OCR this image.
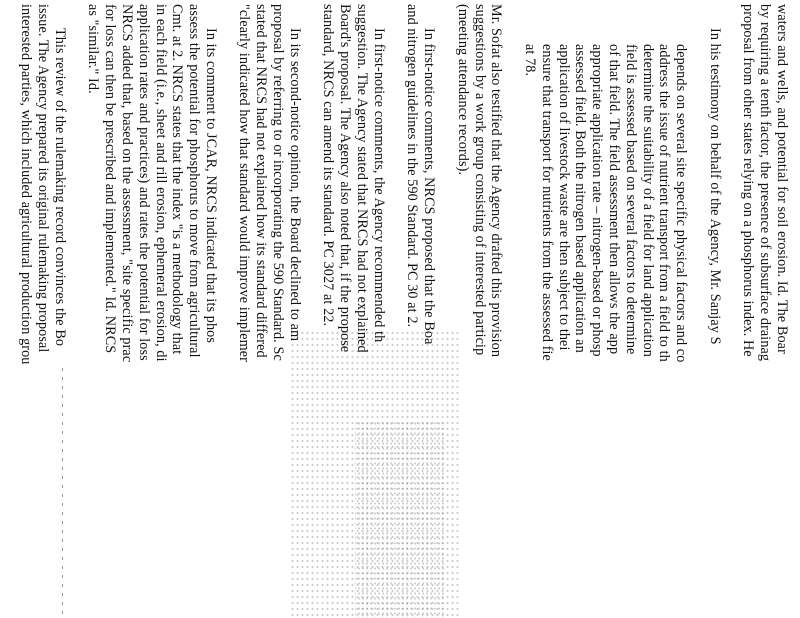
waters and wells, and potential for soil erosion. Id. The Boar
by requiring a tenth factor, the presence of subsurface drainag
proposal from other states relying on a phosphorus index. He
In his testimony on behalf of the Agency, Mr. Sanjay S
depends on several site specific physical factors and co
address the issue of nutrient transport from a field to th
determine the suitability of a field for land application
field is assessed based on several factors to determine
of that field. The field assessment then allows the app
appropriate application rate – nitrogen-based or phosp
assessed field. Both the nitrogen based application an
application of livestock waste are then subject to thei
ensure that transport for nutrients from the assessed fie
at 78.
Mr. Sofat also testified that the Agency drafted this provision
suggestions by a work group consisting of interested particip
(meeting attendance records).
In first-notice comments, NRCS proposed that the Boa
and nitrogen guidelines in the 590 Standard. PC 30 at 2.
In first-notice comments, the Agency recommended th
suggestion. The Agency stated that NRCS had not explained
Board's proposal. The Agency also noted that, if the propose
standard, NRCS can amend its standard. PC 3027 at 22.
In its second-notice opinion, the Board declined to am
proposal by referring to or incorporating the 590 Standard. Sc
stated that NRCS had not explained how its standard differed
"clearly indicated how that standard would improve implemer
In its comment to JCAR, NRCS indicated that its phos
assess the potential for phosphorus to move from agricultural
Cmt. at 2. NRCS states that the index "is a methodology that
in each field (i.e., sheet and rill erosion, ephemeral erosion, di
application rates and practices) and rates the potential for loss
NRCS added that, based on the assessment, "site specific prac
for loss can then be prescribed and implemented." Id. NRCS
as "similar." Id.
This review of the rulemaking record convinces the Bo
issue. The Agency prepared its original rulemaking proposal
interested parties, which included agricultural production grou
